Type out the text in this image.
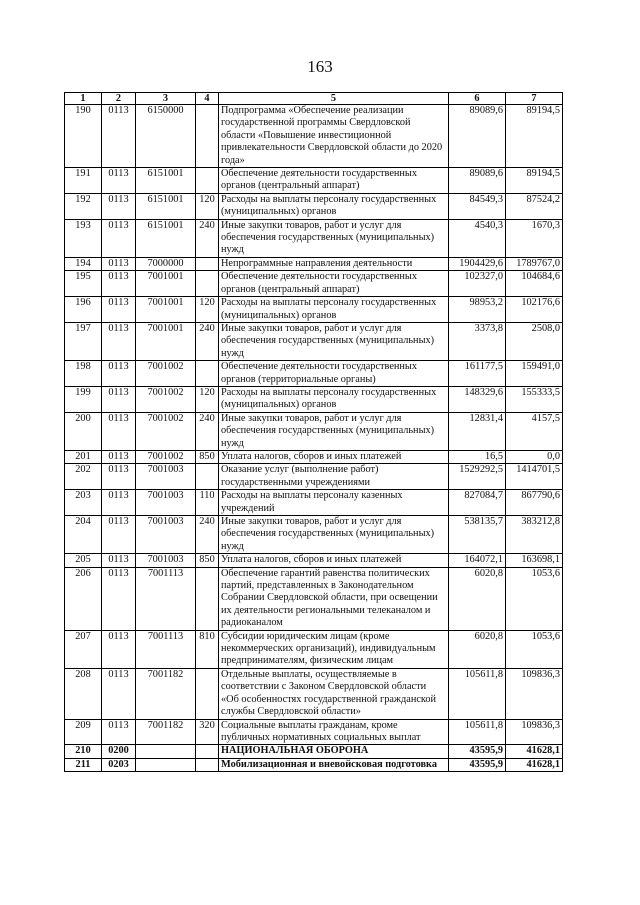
163
1	2	3	4	5	6	7
190	0113	6150000		Подпрограмма «Обеспечение реализации государственной программы Свердловской области «Повышение инвестиционной привлекательности Свердловской области до 2020 года»	89089,6	89194,5
191	0113	6151001		Обеспечение деятельности государственных органов (центральный аппарат)	89089,6	89194,5
192	0113	6151001	120	Расходы на выплаты персоналу государственных (муниципальных) органов	84549,3	87524,2
193	0113	6151001	240	Иные закупки товаров, работ и услуг для обеспечения государственных (муниципальных) нужд	4540,3	1670,3
194	0113	7000000		Непрограммные направления деятельности	1904429,6	1789767,0
195	0113	7001001		Обеспечение деятельности государственных органов (центральный аппарат)	102327,0	104684,6
196	0113	7001001	120	Расходы на выплаты персоналу государственных (муниципальных) органов	98953,2	102176,6
197	0113	7001001	240	Иные закупки товаров, работ и услуг для обеспечения государственных (муниципальных) нужд	3373,8	2508,0
198	0113	7001002		Обеспечение деятельности государственных органов (территориальные органы)	161177,5	159491,0
199	0113	7001002	120	Расходы на выплаты персоналу государственных (муниципальных) органов	148329,6	155333,5
200	0113	7001002	240	Иные закупки товаров, работ и услуг для обеспечения государственных (муниципальных) нужд	12831,4	4157,5
201	0113	7001002	850	Уплата налогов, сборов и иных платежей	16,5	0,0
202	0113	7001003		Оказание услуг (выполнение работ) государственными учреждениями	1529292,5	1414701,5
203	0113	7001003	110	Расходы на выплаты персоналу казенных учреждений	827084,7	867790,6
204	0113	7001003	240	Иные закупки товаров, работ и услуг для обеспечения государственных (муниципальных) нужд	538135,7	383212,8
205	0113	7001003	850	Уплата налогов, сборов и иных платежей	164072,1	163698,1
206	0113	7001113		Обеспечение гарантий равенства политических партий, представленных в Законодательном Собрании Свердловской области, при освещении их деятельности региональными телеканалом и радиоканалом	6020,8	1053,6
207	0113	7001113	810	Субсидии юридическим лицам (кроме некоммерческих организаций), индивидуальным предпринимателям, физическим лицам	6020,8	1053,6
208	0113	7001182		Отдельные выплаты, осуществляемые в соответствии с Законом Свердловской области «Об особенностях государственной гражданской службы Свердловской области»	105611,8	109836,3
209	0113	7001182	320	Социальные выплаты гражданам, кроме публичных нормативных социальных выплат	105611,8	109836,3
210	0200			НАЦИОНАЛЬНАЯ ОБОРОНА	43595,9	41628,1
211	0203			Мобилизационная и вневойсковая подготовка	43595,9	41628,1
